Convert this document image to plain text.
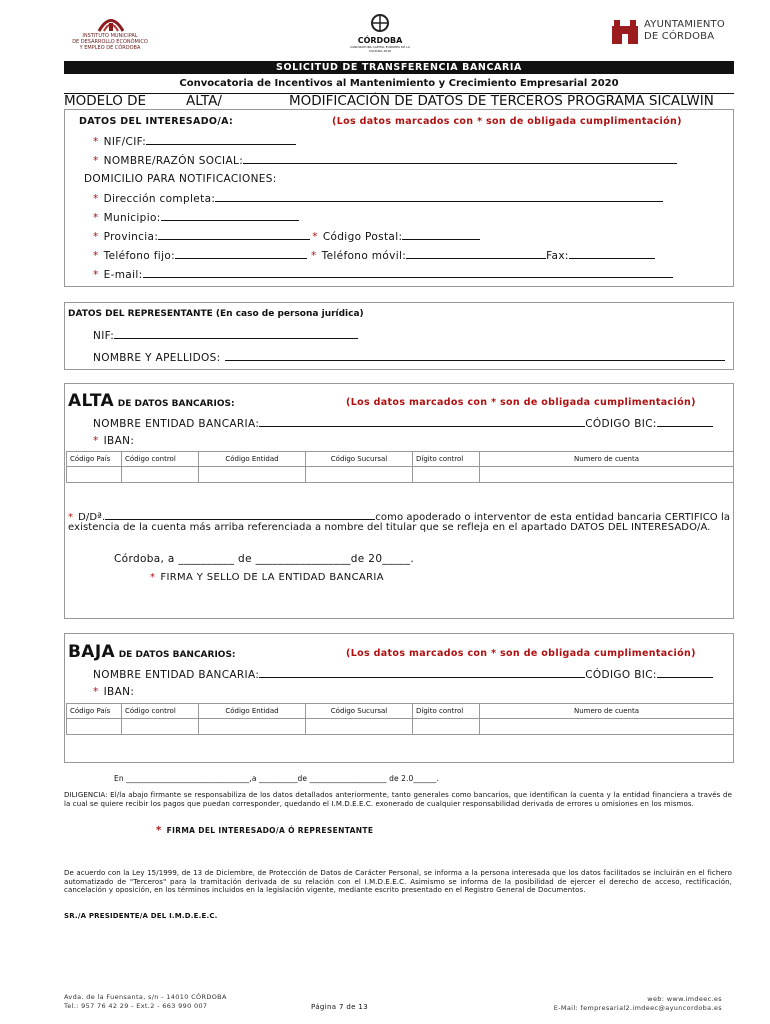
INSTITUTO MUNICIPAL
DE DESARROLLO ECONÓMICO
Y EMPLEO DE CÓRDOBA
CÓRDOBA
CANDIDATURA CAPITAL EUROPEA DE LA CULTURA 2016
AYUNTAMIENTO
DE CÓRDOBA
SOLICITUD DE TRANSFERENCIA BANCARIA
Convocatoria de Incentivos al Mantenimiento y Crecimiento Empresarial 2020
MODELO DE	ALTA/	MODIFICACIÓN DE DATOS DE TERCEROS PROGRAMA SICALWIN
DATOS DEL INTERESADO/A:	(Los datos marcados con * son de obligada cumplimentación)
* NIF/CIF:
* NOMBRE/RAZÓN SOCIAL:
DOMICILIO PARA NOTIFICACIONES:
* Dirección completa:
* Municipio:
* Provincia:	* Código Postal:
* Teléfono fijo:	* Teléfono móvil:	Fax:
* E-mail:
DATOS DEL REPRESENTANTE (En caso de persona jurídica)
NIF:
NOMBRE Y APELLIDOS:
ALTA DE DATOS BANCARIOS:	(Los datos marcados con * son de obligada cumplimentación)
NOMBRE ENTIDAD BANCARIA:	CÓDIGO BIC:
* IBAN:
Código País	Código control	Código Entidad	Código Sucursal	Dígito control	Numero de cuenta

* D/Dª.	como apoderado o interventor de esta entidad bancaria CERTIFICO la
existencia de la cuenta más arriba referenciada a nombre del titular que se refleja en el apartado DATOS DEL INTERESADO/A.
Córdoba, a __________ de _________________de 20_____.
* FIRMA Y SELLO DE LA ENTIDAD BANCARIA
BAJA DE DATOS BANCARIOS:	(Los datos marcados con * son de obligada cumplimentación)
NOMBRE ENTIDAD BANCARIA:	CÓDIGO BIC:
* IBAN:
Código País	Código control	Código Entidad	Código Sucursal	Dígito control	Numero de cuenta

En ________________________________,a __________de ____________________ de 2.0______.
DILIGENCIA: El/la abajo firmante se responsabiliza de los datos detallados anteriormente, tanto generales como bancarios, que identifican la cuenta y la entidad financiera a través de la cual se quiere recibir los pagos que puedan corresponder, quedando el I.M.D.E.E.C. exonerado de cualquier responsabilidad derivada de errores u omisiones en los mismos.
* FIRMA DEL INTERESADO/A Ó REPRESENTANTE
De acuerdo con la Ley 15/1999, de 13 de Diciembre, de Protección de Datos de Carácter Personal, se informa a la persona interesada que los datos facilitados se incluirán en el fichero automatizado de "Terceros" para la tramitación derivada de su relación con el I.M.D.E.E.C. Asimismo se informa de la posibilidad de ejercer el derecho de acceso, rectificación, cancelación y oposición, en los términos incluidos en la legislación vigente, mediante escrito presentado en el Registro General de Documentos.
SR./A PRESIDENTE/A DEL I.M.D.E.E.C.
Avda. de la Fuensanta, s/n - 14010 CÓRDOBA
Tel.: 957 76 42 29 - Ext.2 - 663 990 007	Página 7 de 13
web: www.imdeec.es
E-Mail: fempresarial2.imdeec@ayuncordoba.es
